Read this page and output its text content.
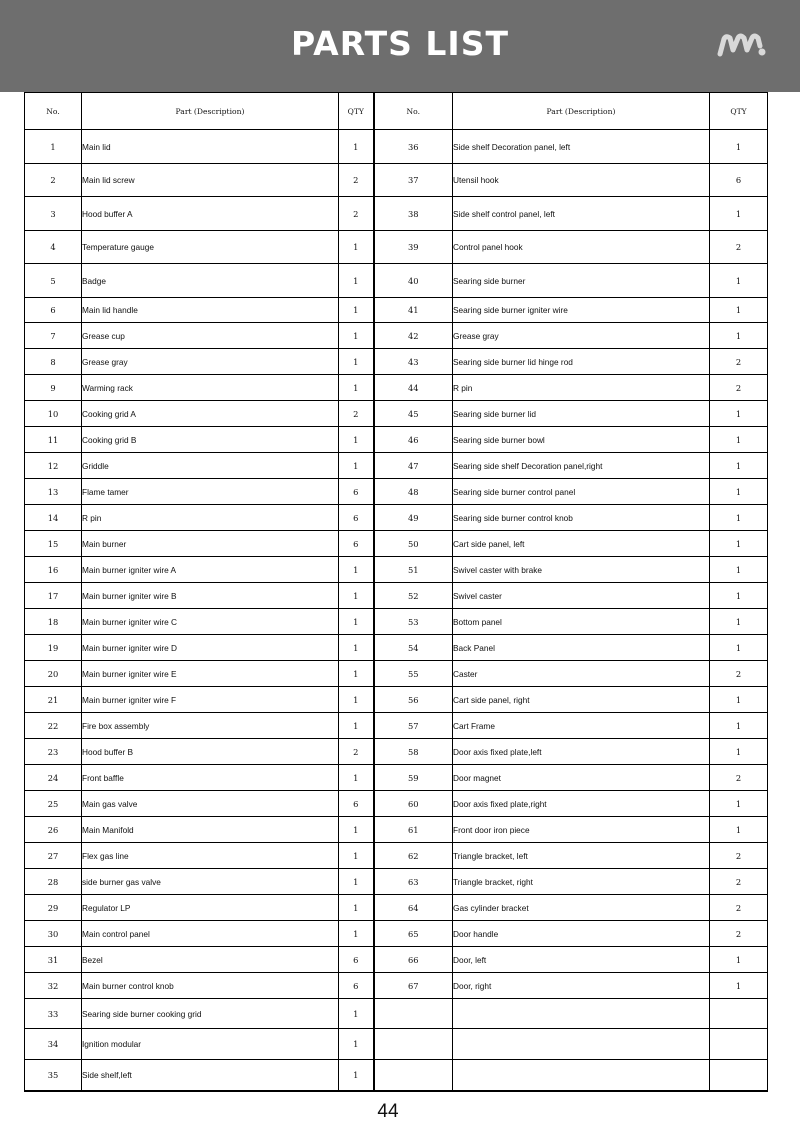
PARTS LIST
No.	Part (Description)	QTY	No.	Part (Description)	QTY
1	Main lid	1	36	Side shelf Decoration panel, left	1
2	Main lid screw	2	37	Utensil hook	6
3	Hood buffer A	2	38	Side shelf control panel, left	1
4	Temperature gauge	1	39	Control panel hook	2
5	Badge	1	40	Searing side burner	1
6	Main lid handle	1	41	Searing side burner igniter wire	1
7	Grease cup	1	42	Grease gray	1
8	Grease gray	1	43	Searing side burner lid hinge rod	2
9	Warming rack	1	44	R pin	2
10	Cooking grid A	2	45	Searing side burner lid	1
11	Cooking grid B	1	46	Searing side burner bowl	1
12	Griddle	1	47	Searing side shelf Decoration panel,right	1
13	Flame tamer	6	48	Searing side burner control panel	1
14	R pin	6	49	Searing side burner control knob	1
15	Main burner	6	50	Cart side panel, left	1
16	Main burner igniter wire A	1	51	Swivel caster with brake	1
17	Main burner igniter wire B	1	52	Swivel caster	1
18	Main burner igniter wire C	1	53	Bottom panel	1
19	Main burner igniter wire D	1	54	Back Panel	1
20	Main burner igniter wire E	1	55	Caster	2
21	Main burner igniter wire F	1	56	Cart side panel, right	1
22	Fire box assembly	1	57	Cart Frame	1
23	Hood buffer B	2	58	Door axis fixed plate,left	1
24	Front baffle	1	59	Door magnet	2
25	Main gas valve	6	60	Door axis fixed plate,right	1
26	Main Manifold	1	61	Front door iron piece	1
27	Flex gas line	1	62	Triangle bracket, left	2
28	side burner gas valve	1	63	Triangle bracket, right	2
29	Regulator LP	1	64	Gas cylinder bracket	2
30	Main control panel	1	65	Door handle	2
31	Bezel	6	66	Door, left	1
32	Main burner control knob	6	67	Door, right	1
33	Searing side burner cooking grid	1			
34	Ignition modular	1			
35	Side shelf,left	1			
44
